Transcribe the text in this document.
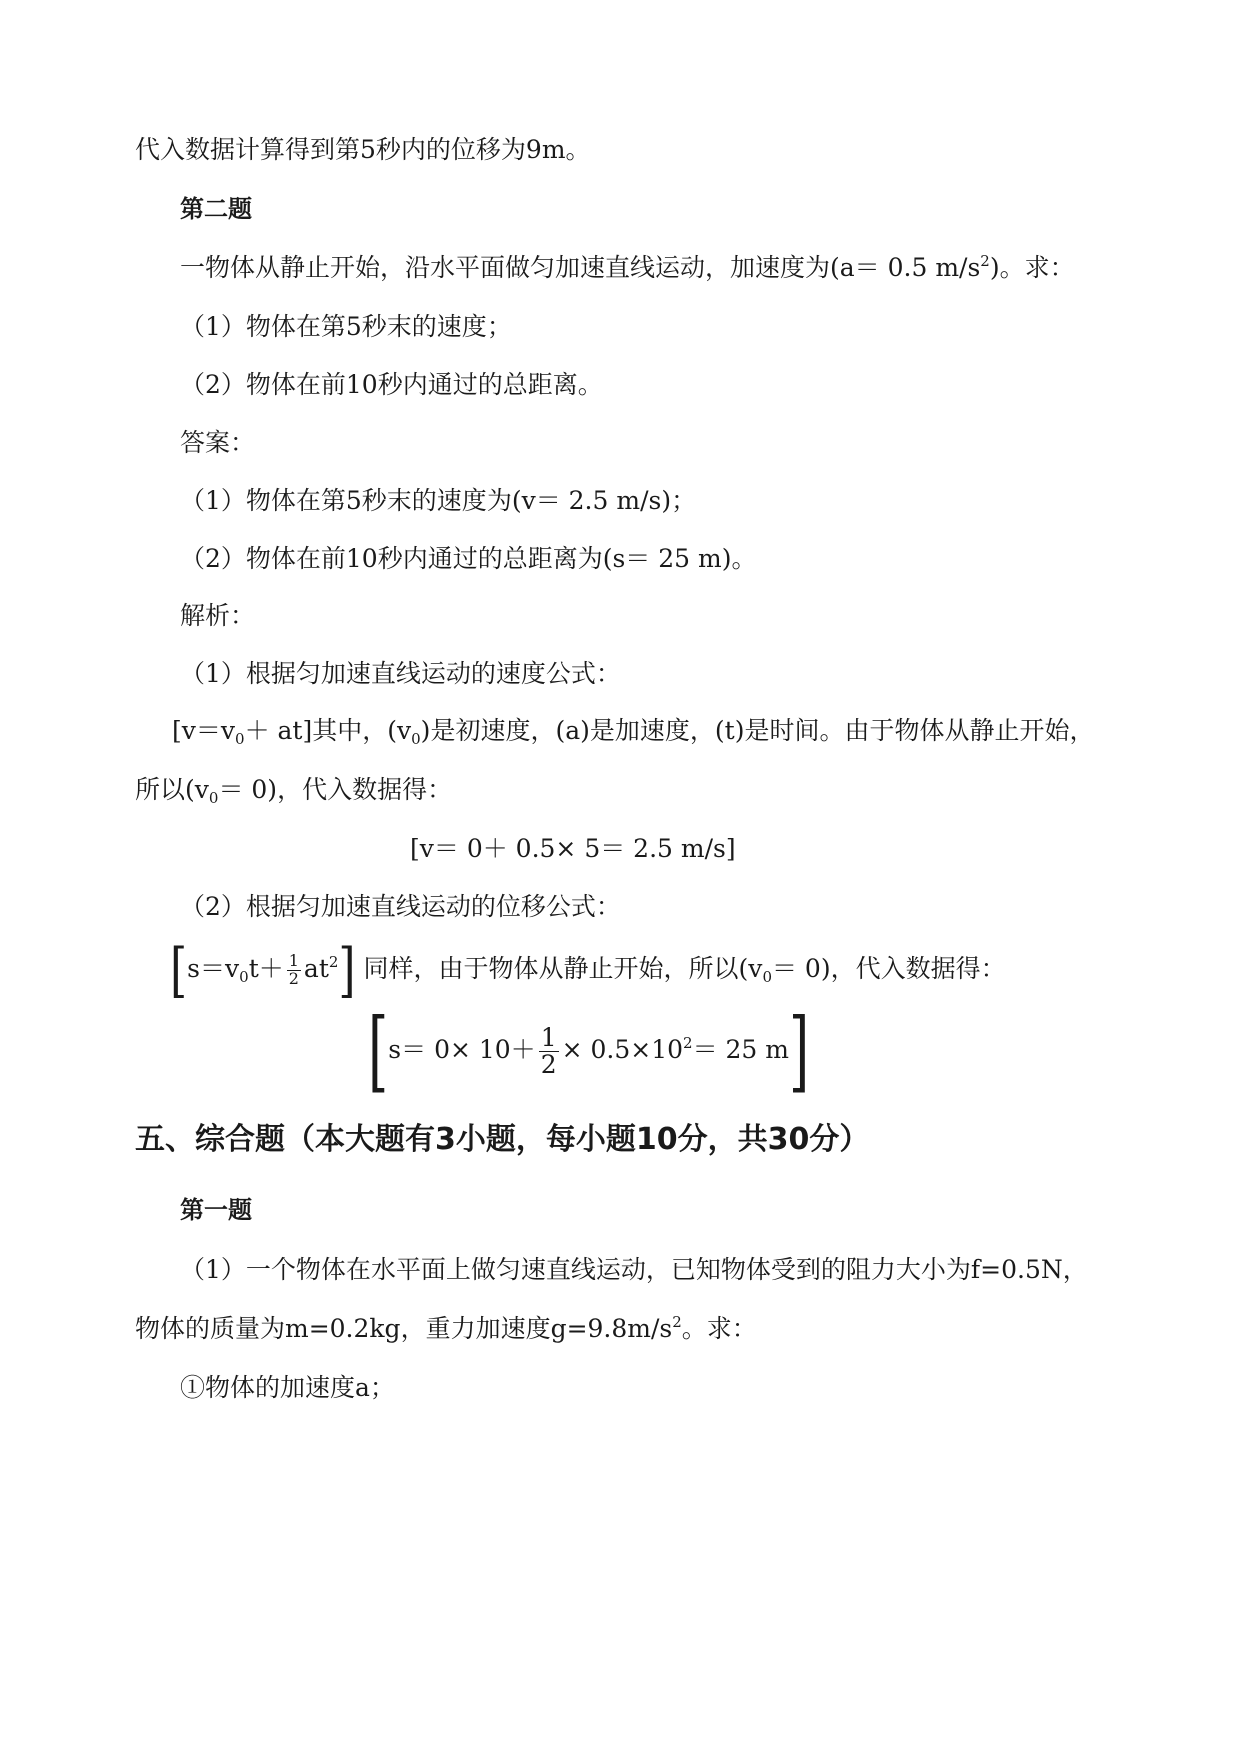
代入数据计算得到第5秒内的位移为9m。
第二题
一物体从静止开始，沿水平面做匀加速直线运动，加速度为(a＝ 0.5 $m/s^2$)。求：
（1）物体在第5秒末的速度；
（2）物体在前10秒内通过的总距离。
答案：
（1）物体在第5秒末的速度为(v＝ 2.5 m/s)；
（2）物体在前10秒内通过的总距离为(s＝ 25 m)。
解析：
（1）根据匀加速直线运动的速度公式：
$[v=v_0+ at]$其中，$(v_0)$是初速度，(a)是加速度，(t)是时间。由于物体从静止开始，
所以$(v_0= 0)$，代入数据得：
[v＝ 0＋ 0.5× 5＝ 2.5 m/s]
（2）根据匀加速直线运动的位移公式：
$[s=v_0t+ \frac{1}{2} at^2]$ 同样，由于物体从静止开始，所以$(v_0= 0)$，代入数据得：
[$s= 0\times 10+ \frac{1}{2} \times 0.5\times 10^2= 25$ m]
五、综合题（本大题有3小题，每小题10分，共30分）
第一题
（1）一个物体在水平面上做匀速直线运动，已知物体受到的阻力大小为f=0.5N，
物体的质量为m=0.2kg，重力加速度$g=9.8m/s^2$。求：
①物体的加速度a；
